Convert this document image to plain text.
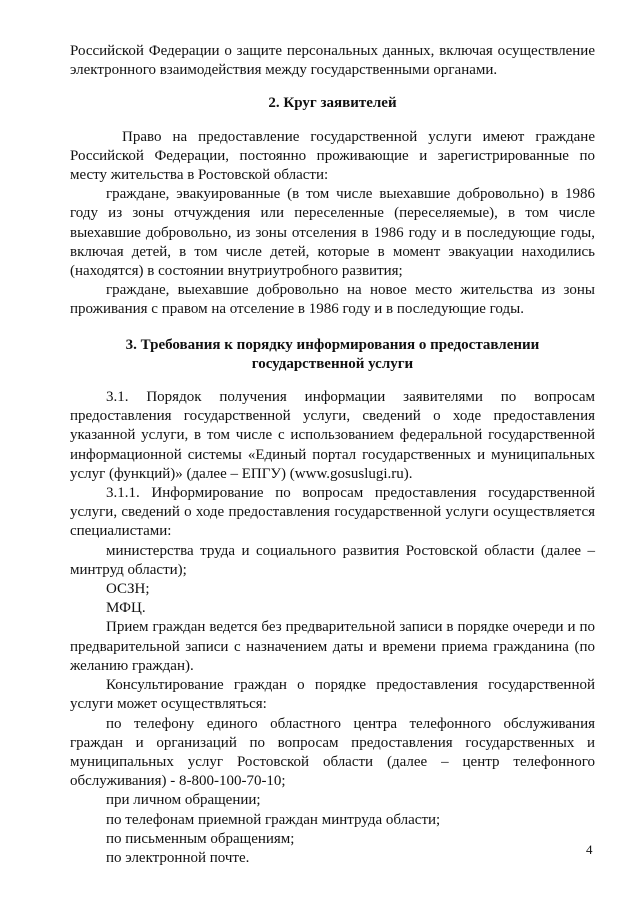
Российской Федерации о защите персональных данных, включая осуществление электронного взаимодействия между государственными органами.

2. Круг заявителей

Право на предоставление государственной услуги имеют граждане Российской Федерации, постоянно проживающие и зарегистрированные по месту жительства в Ростовской области:

граждане, эвакуированные (в том числе выехавшие добровольно) в 1986 году из зоны отчуждения или переселенные (переселяемые), в том числе выехавшие добровольно, из зоны отселения в 1986 году и в последующие годы, включая детей, в том числе детей, которые в момент эвакуации находились (находятся) в состоянии внутриутробного развития;

граждане, выехавшие добровольно на новое место жительства из зоны проживания с правом на отселение в 1986 году и в последующие годы.

3. Требования к порядку информирования о предоставлении

государственной услуги

3.1. Порядок получения информации заявителями по вопросам предоставления государственной услуги, сведений о ходе предоставления указанной услуги, в том числе с использованием федеральной государственной информационной системы «Единый портал государственных и муниципальных услуг (функций)» (далее – ЕПГУ) (www.gosuslugi.ru).

3.1.1. Информирование по вопросам предоставления государственной услуги, сведений о ходе предоставления государственной услуги осуществляется специалистами:

министерства труда и социального развития Ростовской области (далее – минтруд области);

ОСЗН;

МФЦ.

Прием граждан ведется без предварительной записи в порядке очереди и по предварительной записи с назначением даты и времени приема гражданина (по желанию граждан).

Консультирование граждан о порядке предоставления государственной услуги может осуществляться:

по телефону единого областного центра телефонного обслуживания граждан и организаций по вопросам предоставления государственных и муниципальных услуг Ростовской области (далее – центр телефонного обслуживания) - 8-800-100-70-10;

при личном обращении;

по телефонам приемной граждан минтруда области;

по письменным обращениям;

по электронной почте.

4
